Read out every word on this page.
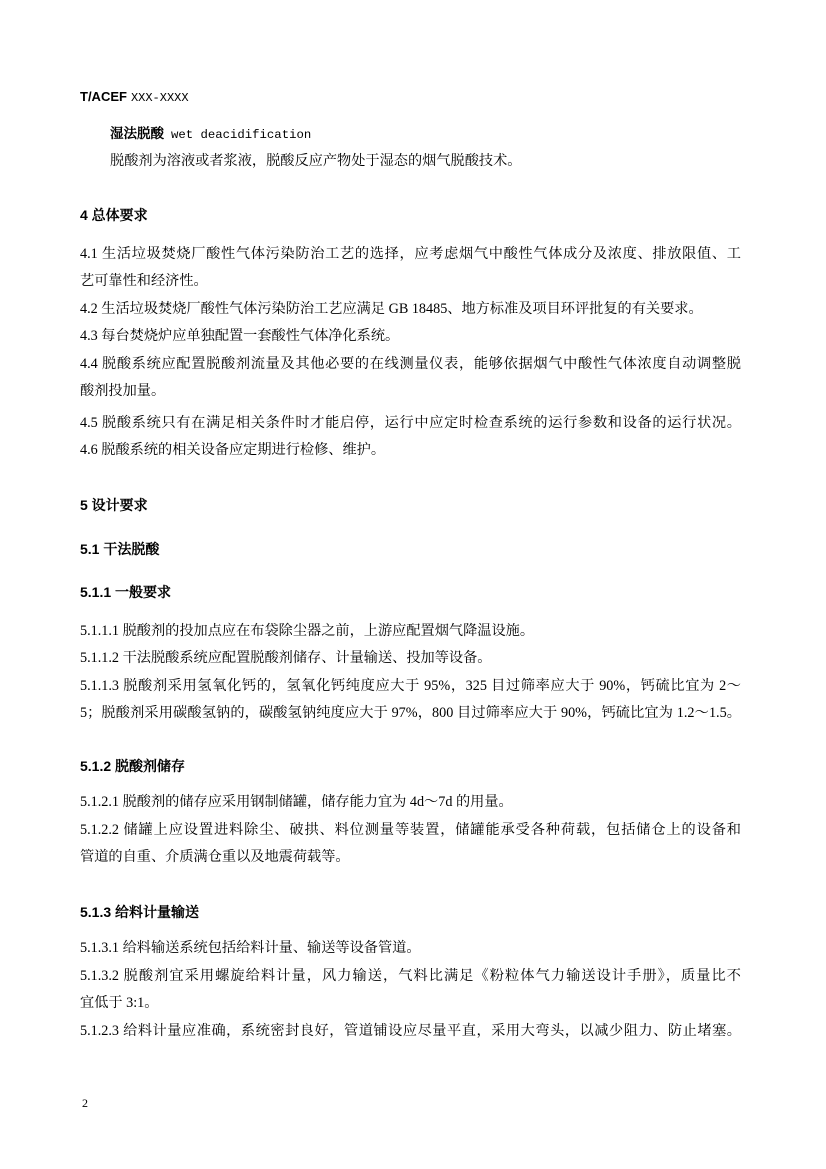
T/ACEF XXX-XXXX
湿法脱酸 wet deacidification
脱酸剂为溶液或者浆液，脱酸反应产物处于湿态的烟气脱酸技术。
4 总体要求
4.1 生活垃圾焚烧厂酸性气体污染防治工艺的选择，应考虑烟气中酸性气体成分及浓度、排放限值、工
艺可靠性和经济性。
4.2 生活垃圾焚烧厂酸性气体污染防治工艺应满足 GB 18485、地方标准及项目环评批复的有关要求。
4.3 每台焚烧炉应单独配置一套酸性气体净化系统。
4.4 脱酸系统应配置脱酸剂流量及其他必要的在线测量仪表，能够依据烟气中酸性气体浓度自动调整脱
酸剂投加量。
4.5 脱酸系统只有在满足相关条件时才能启停，运行中应定时检查系统的运行参数和设备的运行状况。
4.6 脱酸系统的相关设备应定期进行检修、维护。
5 设计要求
5.1 干法脱酸
5.1.1 一般要求
5.1.1.1 脱酸剂的投加点应在布袋除尘器之前，上游应配置烟气降温设施。
5.1.1.2 干法脱酸系统应配置脱酸剂储存、计量输送、投加等设备。
5.1.1.3 脱酸剂采用氢氧化钙的，氢氧化钙纯度应大于 95%，325 目过筛率应大于 90%，钙硫比宜为 2～
5；脱酸剂采用碳酸氢钠的，碳酸氢钠纯度应大于 97%，800 目过筛率应大于 90%，钙硫比宜为 1.2～1.5。
5.1.2 脱酸剂储存
5.1.2.1 脱酸剂的储存应采用钢制储罐，储存能力宜为 4d～7d 的用量。
5.1.2.2 储罐上应设置进料除尘、破拱、料位测量等装置，储罐能承受各种荷载，包括储仓上的设备和
管道的自重、介质满仓重以及地震荷载等。
5.1.3 给料计量输送
5.1.3.1 给料输送系统包括给料计量、输送等设备管道。
5.1.3.2 脱酸剂宜采用螺旋给料计量，风力输送，气料比满足《粉粒体气力输送设计手册》，质量比不
宜低于 3:1。
5.1.2.3 给料计量应准确，系统密封良好，管道铺设应尽量平直，采用大弯头，以减少阻力、防止堵塞。
2
